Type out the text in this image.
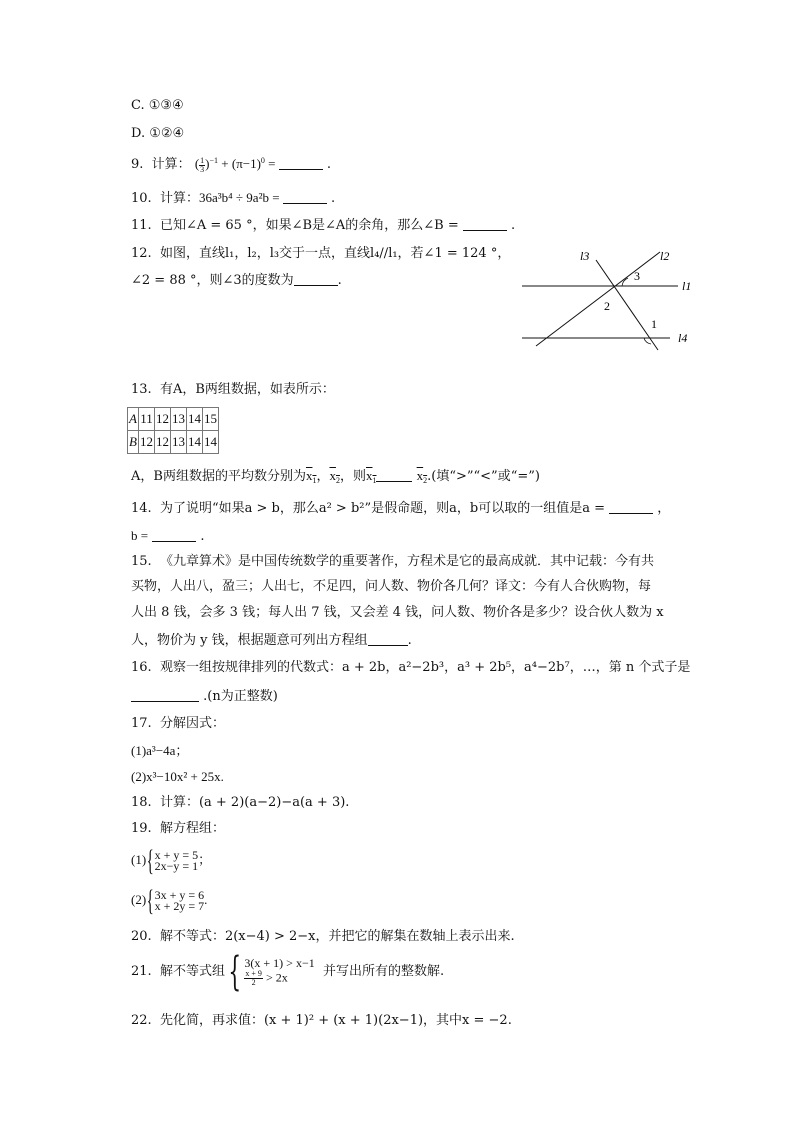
C. ①③④
D. ①②④
9. 计算： ( $\frac{1}{3} )^{-1} + (\pi-1)^0$ =	.
10. 计算：36a³b⁴ ÷ 9a²b =	.
11. 已知∠A = 65 °，如果∠B是∠A的余角，那么∠B =	.
12. 如图，直线l₁，l₂，l₃交于一点，直线l₄//l₁，若∠1 = 124 °，
∠2 = 88 °，则∠3的度数为	.
l3	l2
3
l1
2
1
l4
13. 有A，B两组数据，如表所示：
A	11	12	13	14	15
B	12	12	13	14	14
A，B两组数据的平均数分别为$x_1$，$x_2$，则$x_1$	$x_2$.(填“>”“<”或“=”)
14. 为了说明“如果a > b，那么a² > b²”是假命题，则a，b可以取的一组值是a =	，
b =	.
15. 《九章算术》是中国传统数学的重要著作，方程术是它的最高成就．其中记载：今有共
买物，人出八，盈三；人出七，不足四，问人数、物价各几何？译文：今有人合伙购物，每
人出 8 钱，会多 3 钱；每人出 7 钱，又会差 4 钱，问人数、物价各是多少？设合伙人数为 x
人，物价为 y 钱，根据题意可列出方程组	.
16. 观察一组按规律排列的代数式：a + 2b，a²−2b³，a³ + 2b⁵，a⁴−2b⁷，…，第 n 个式子是
.(n为正整数)
17. 分解因式：
(1)a³−4a；
(2)x³−10x² + 25x.
18. 计算：(a + 2)(a−2)−a(a + 3).
19. 解方程组：
(1){ x + y = 5
2x−y = 1 ；
(2){ 3x + y = 6
x + 2y = 7 .
20. 解不等式：2(x−4) > 2−x，并把它的解集在数轴上表示出来.
21. 解不等式组{ 3(x + 1) > x−1
$\frac{x + 9}{2} > 2x$	并写出所有的整数解.
22. 先化简，再求值：(x + 1)² + (x + 1)(2x−1)，其中x = −2.
